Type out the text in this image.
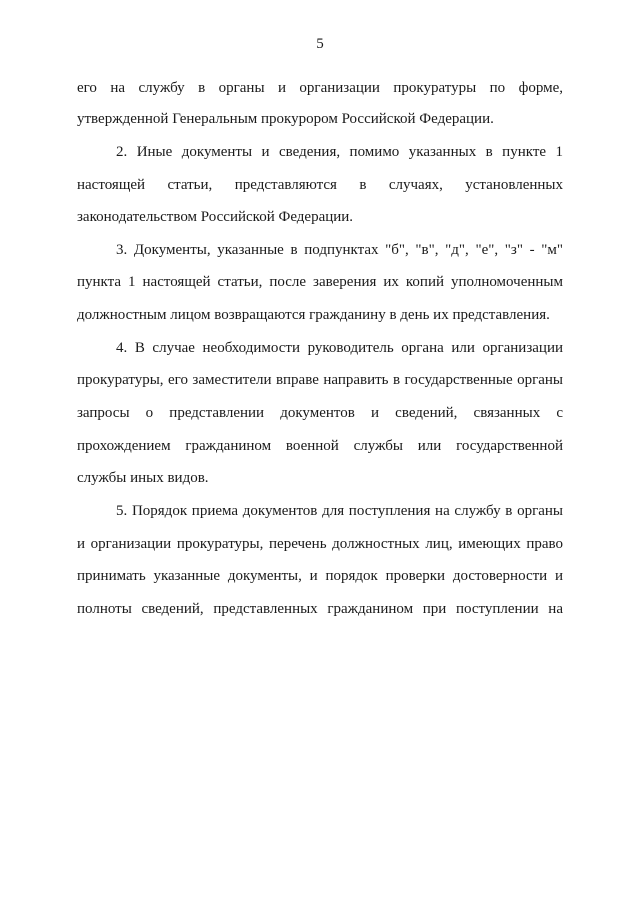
5
его на службу в органы и организации прокуратуры по форме,
утвержденной Генеральным прокурором Российской Федерации.
2. Иные документы и сведения, помимо указанных в пункте 1
настоящей статьи, представляются в случаях, установленных
законодательством Российской Федерации.
3. Документы, указанные в подпунктах "б", "в", "д", "е", "з" - "м"
пункта 1 настоящей статьи, после заверения их копий уполномоченным
должностным лицом возвращаются гражданину в день их представления.
4. В случае необходимости руководитель органа или организации
прокуратуры, его заместители вправе направить в государственные органы
запросы о представлении документов и сведений, связанных с
прохождением гражданином военной службы или государственной
службы иных видов.
5. Порядок приема документов для поступления на службу в органы
и организации прокуратуры, перечень должностных лиц, имеющих право
принимать указанные документы, и порядок проверки достоверности и
полноты сведений, представленных гражданином при поступлении на
